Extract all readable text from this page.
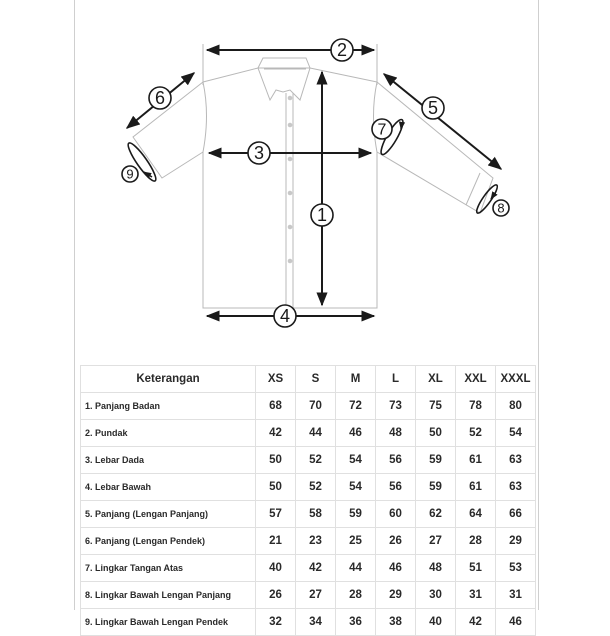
1
2
3
4
5
6
7
8
9
Keterangan	XS	S	M	L	XL	XXL	XXXL
1. Panjang Badan	68	70	72	73	75	78	80
2. Pundak	42	44	46	48	50	52	54
3. Lebar Dada	50	52	54	56	59	61	63
4. Lebar Bawah	50	52	54	56	59	61	63
5. Panjang (Lengan Panjang)	57	58	59	60	62	64	66
6. Panjang (Lengan Pendek)	21	23	25	26	27	28	29
7. Lingkar Tangan Atas	40	42	44	46	48	51	53
8. Lingkar Bawah Lengan Panjang	26	27	28	29	30	31	31
9. Lingkar Bawah Lengan Pendek	32	34	36	38	40	42	46
